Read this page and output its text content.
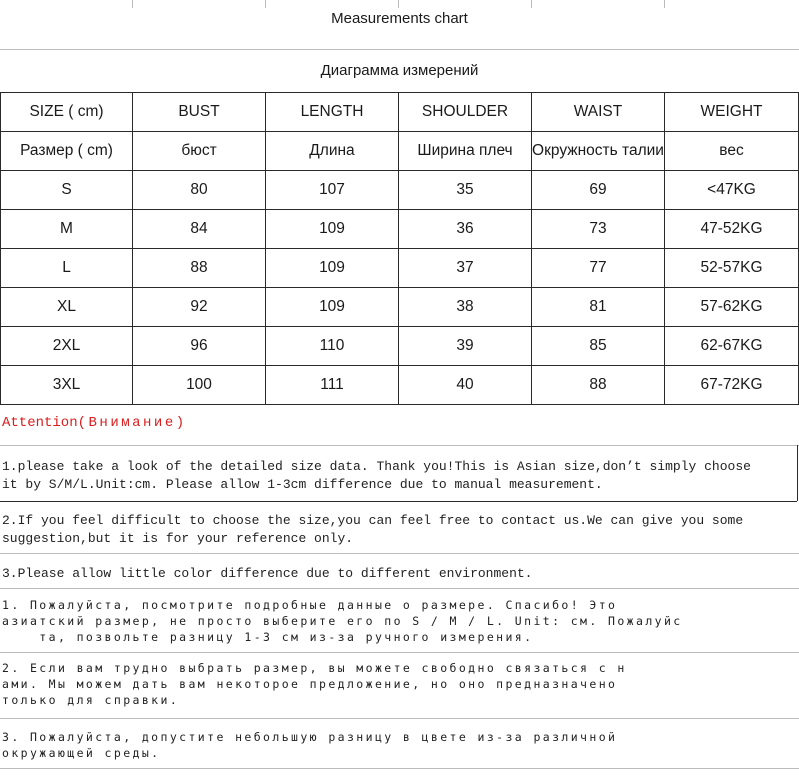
Measurements chart
Диаграмма измерений
SIZE ( cm)	BUST	LENGTH	SHOULDER	WAIST	WEIGHT
Размер ( cm)	бюст	Длина	Ширина плеч	Окружность талии	вес
S	80	107	35	69	<47KG
M	84	109	36	73	47-52KG
L	88	109	37	77	52-57KG
XL	92	109	38	81	57-62KG
2XL	96	110	39	85	62-67KG
3XL	100	111	40	88	67-72KG
Attention(Внимание)
1.please take a look of the detailed size data. Thank you!This is Asian size,don’t simply choose
it by S/M/L.Unit:cm. Please allow 1-3cm difference due to manual measurement.
2.If you feel difficult to choose the size,you can feel free to contact us.We can give you some
suggestion,but it is for your reference only.
3.Please allow little color difference due to different environment.
1. Пожалуйста, посмотрите подробные данные о размере. Спасибо! Это
азиатский размер, не просто выберите его по S / M / L. Unit: см. Пожалуйс
та, позвольте разницу 1-3 см из-за ручного измерения.
2. Если вам трудно выбрать размер, вы можете свободно связаться с н
ами. Мы можем дать вам некоторое предложение, но оно предназначено
только для справки.
3. Пожалуйста, допустите небольшую разницу в цвете из-за различной
окружающей среды.
